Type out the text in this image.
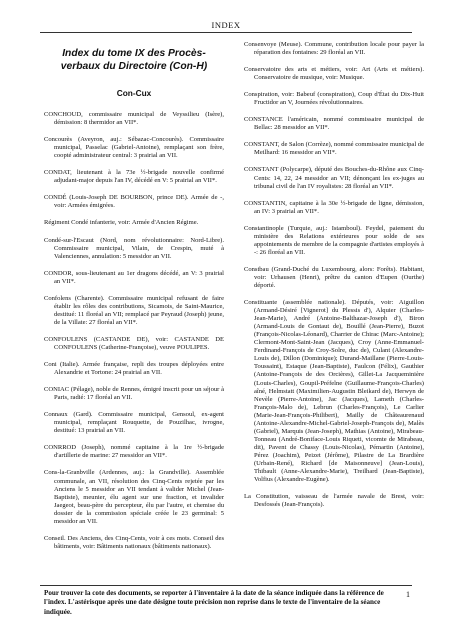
INDEX
Index du tome IX des Procès-verbaux du Directoire (Con-H)
Con-Cux

CONCHOUD, commissaire municipal de Veyssilieu (Isère), démission: 8 thermidor an VII*.

Concourès (Aveyron, auj.: Sébazac-Concourès). Commissaire municipal, Passelac (Gabriel-Antoine), remplaçant son frère, coopté administrateur central: 3 prairial an VII.

CONDAT, lieutenant à la 73e ½-brigade nouvelle confirmé adjudant-major depuis l'an IV, décédé en V: 5 prairial an VII*.

CONDÉ (Louis-Joseph DE BOURBON, prince DE). Armée de -, voir: Armées émigrées.

Régiment Condé infanterie, voir: Armée d'Ancien Régime.

Condé-sur-l'Escaut (Nord, nom révolutionnaire: Nord-Libre). Commissaire municipal, Vilain, de Crespin, muté à Valenciennes, annulation: 5 messidor an VII.

CONDOR, sous-lieutenant au 1er dragons décédé, an V: 3 prairial an VII*.

Confolens (Charente). Commissaire municipal refusant de faire établir les rôles des contributions, Sicamois, de Saint-Maurice, destitué: 11 floréal an VII; remplacé par Peyraud (Joseph) jeune, de la Villate: 27 floréal an VII*.

CONFOULENS (CASTANDE DE), voir: CASTANDE DE CONFOULENS (Catherine-Françoise), veuve POULIPES.

Coni (Italie). Armée française, repli des troupes déployées entre Alexandrie et Tortone: 24 prairial an VII.

CONIAC (Pélage), noble de Rennes, émigré inscrit pour un séjour à Paris, radié: 17 floréal an VII.

Connaux (Gard). Commissaire municipal, Gensoul, ex-agent municipal, remplaçant Rouquette, de Pouzilhac, ivrogne, destitué: 13 prairial an VII.

CONRROD (Joseph), nommé capitaine à la 1re ½-brigade d'artillerie de marine: 27 messidor an VII*.

Cons-la-Granbville (Ardennes, auj.: la Grandville). Assemblée communale, an VII, résolution des Cinq-Cents rejetée par les Anciens le 5 messidor an VII tendant à valider Michel (Jean-Baptiste), meunier, élu agent sur une fraction, et invalider Jaegeot, beau-père du percepteur, élu par l'autre, et chemise du dossier de la commission spéciale créée le 23 germinal: 5 messidor an VII.

Conseil. Des Anciens, des Cinq-Cents, voir à ces mots. Conseil des bâtiments, voir: Bâtiments nationaux (bâtiments nationaux).

Consenvoye (Meuse). Commune, contribution locale pour payer la réparation des fontaines: 29 floréal an VII.

Conservatoire des arts et métiers, voir: Art (Arts et métiers). Conservatoire de musique, voir: Musique.

Conspiration, voir: Babeuf (conspiration), Coup d'État du Dix-Huit Fructidor an V, Journées révolutionnaires.

CONSTANCE l'américain, nommé commissaire municipal de Bellac: 28 messidor an VII*.

CONSTANT, de Salon (Corrèze), nommé commissaire municipal de Meilhard: 16 messidor an VII*.

CONSTANT (Polycarpe), député des Bouches-du-Rhône aux Cinq-Cents: 14, 22, 24 messidor an VII; dénonçant les ex-juges au tribunal civil de l'an IV royalistes: 28 floréal an VII*.

CONSTANTIN, capitaine à la 30e ½-brigade de ligne, démission, an IV: 3 prairial an VII*.

Constantinople (Turquie, auj.: Istamboul). Feydel, paiement du ministère des Relations extérieures pour solde de ses appointements de membre de la compagnie d'artistes employés à -: 26 floréal an VII.

Constbau (Grand-Duché du Luxembourg, alors: Forêts). Habitant, voir: Urhausen (Henri), prêtre du canton d'Eupen (Ourthe) déporté.

Constituante (assemblée nationale). Députés, voir: Aiguillon (Armand-Désiré [Vignerot] du Plessis d'), Alquier (Charles-Jean-Marie), André (Antoine-Balthazar-Joseph d'), Biron (Armand-Louis de Gontaut de), Bouillé (Jean-Pierre), Buzot (François-Nicolas-Léonard), Charrier de Chirac (Marc-Antoine); Clermont-Mont-Saint-Jean (Jacques), Croy (Anne-Emmanuel-Ferdinand-François de Croy-Solre, duc de), Culant (Alexandre-Louis de), Dillon (Dominique); Durand-Maillane (Pierre-Louis-Toussaint), Estaque (Jean-Baptiste), Faulcon (Félix), Gauthier (Antoine-François de des Orcières), Gillet-La Jacqueminière (Louis-Charles), Goupil-Préfelne (Guillaume-François-Charles) aîné, Helmstatt (Maximilien-Augustin Bleikard de), Herwyn de Nevèle (Pierre-Antoine), Jac (Jacques), Lameth (Charles-François-Malo de), Lebrun (Charles-François), Le Carlier (Marie-Jean-François-Philibert), Mailly de Châteaurenaud (Antoine-Alexandre-Michel-Gabriel-Joseph-François de), Malès (Gabriel), Marquis (Jean-Joseph), Mathias (Antoine), Mirabeau-Tonneau (André-Boniface-Louis Riqueti, vicomte de Mirabeau, dit), Pavent de Chassy (Louis-Nicolas), Pémartin (Antoine), Pérez (Joachim), Peizet (Jérôme), Pilastre de La Brardière (Urbain-René), Richard [de Maisonneuve] (Jean-Louis), Thibault (Anne-Alexandre-Marie), Treilhard (Jean-Baptiste), Volfius (Alexandre-Eugène).

La Constitution, vaisseau de l'armée navale de Brest, voir: Desfossés (Jean-François).

Pour trouver la cote des documents, se reporter à l'inventaire à la date de la séance indiquée dans la référence de l'index. L'astérisque après une date désigne toute précision non reprise dans le texte de l'inventaire de la séance indiquée.
1
